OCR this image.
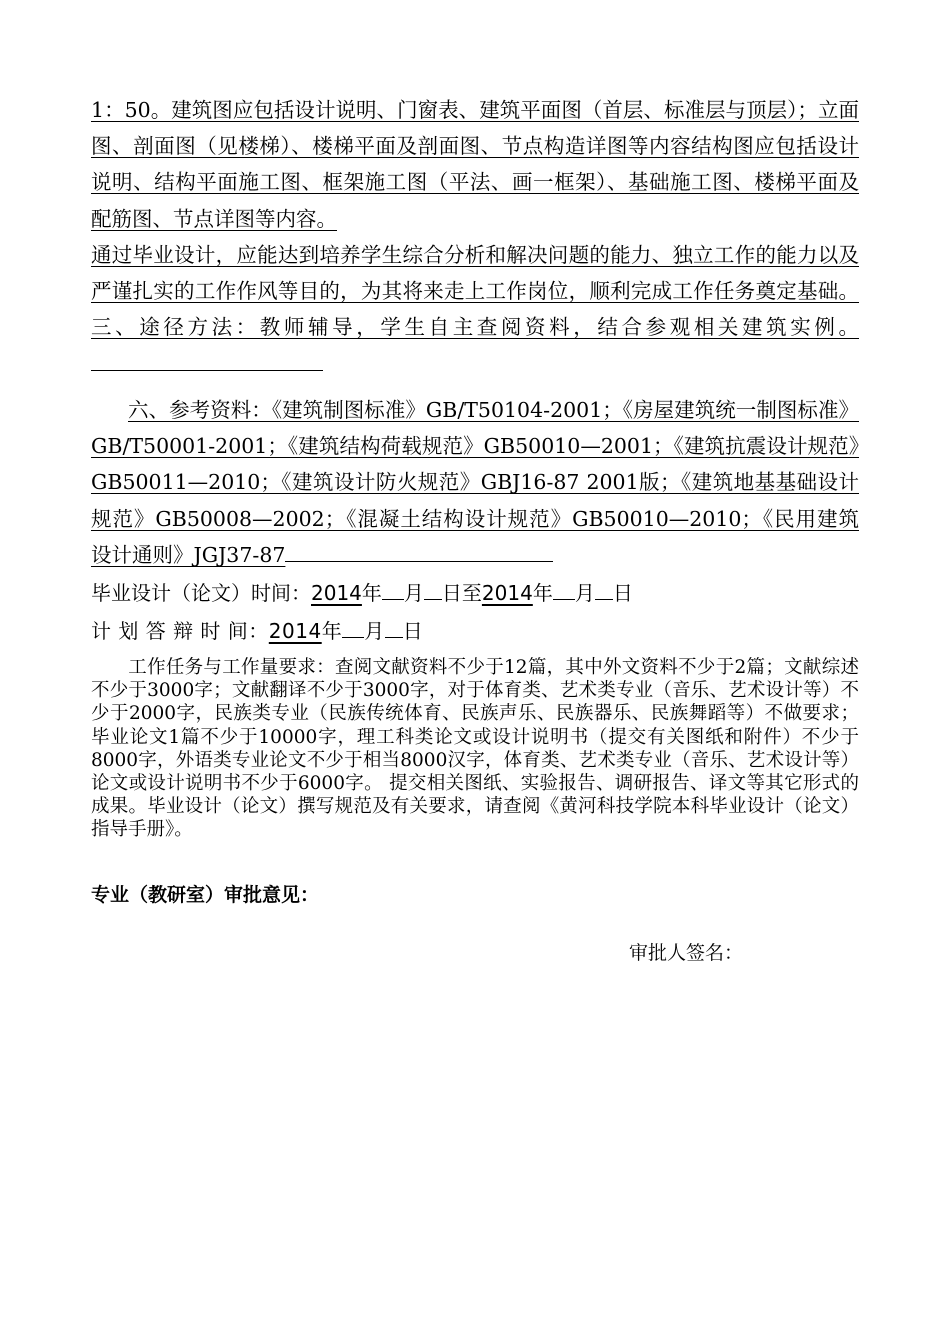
1：50。建筑图应包括设计说明、门窗表、建筑平面图（首层、标准层与顶层）；立面图、剖面图（见楼梯）、楼梯平面及剖面图、节点构造详图等内容结构图应包括设计说明、结构平面施工图、框架施工图（平法、画一框架）、基础施工图、楼梯平面及配筋图、节点详图等内容。
通过毕业设计，应能达到培养学生综合分析和解决问题的能力、独立工作的能力以及严谨扎实的工作作风等目的，为其将来走上工作岗位，顺利完成工作任务奠定基础。三、途径方法：教师辅导，学生自主查阅资料，结合参观相关建筑实例。
六、参考资料：《建筑制图标准》GB/T50104-2001；《房屋建筑统一制图标准》GB/T50001-2001；《建筑结构荷载规范》GB50010—2001；《建筑抗震设计规范》GB50011—2010；《建筑设计防火规范》GBJ16-87 2001版；《建筑地基基础设计规范》GB50008—2002；《混凝土结构设计规范》GB50010—2010；《民用建筑设计通则》JGJ37-87
毕业设计（论文）时间：2014年 月 日至2014年 月 日
计 划 答 辩 时 间：2014年 月 日
工作任务与工作量要求：查阅文献资料不少于12篇，其中外文资料不少于2篇；文献综述不少于3000字；文献翻译不少于3000字，对于体育类、艺术类专业（音乐、艺术设计等）不少于2000字，民族类专业（民族传统体育、民族声乐、民族器乐、民族舞蹈等）不做要求；毕业论文1篇不少于10000字，理工科类论文或设计说明书（提交有关图纸和附件）不少于8000字，外语类专业论文不少于相当8000汉字，体育类、艺术类专业（音乐、艺术设计等）论文或设计说明书不少于6000字。 提交相关图纸、实验报告、调研报告、译文等其它形式的成果。毕业设计（论文）撰写规范及有关要求，请查阅《黄河科技学院本科毕业设计（论文）指导手册》。
专业（教研室）审批意见：
审批人签名：
